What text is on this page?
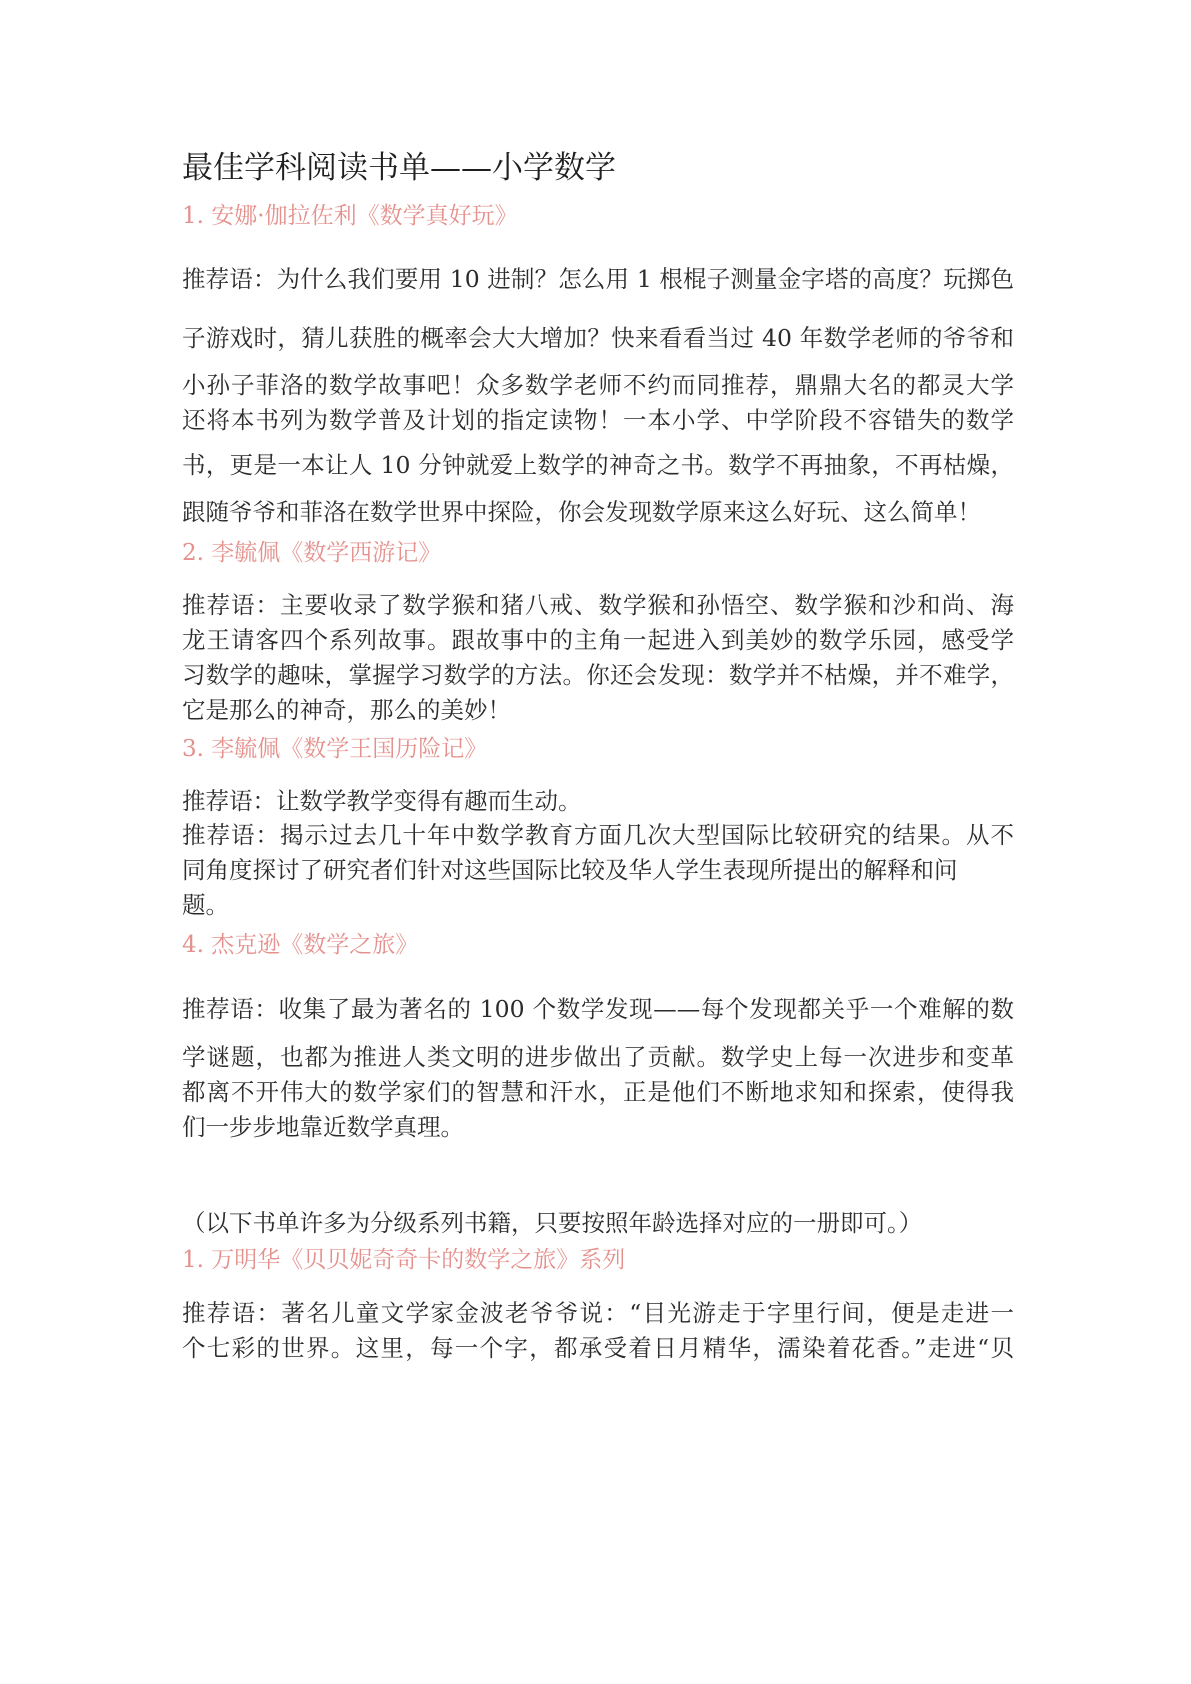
最佳学科阅读书单——小学数学
1. 安娜·伽拉佐利《数学真好玩》
推荐语：为什么我们要用 10 进制？怎么用 1 根棍子测量金字塔的高度？玩掷色
子游戏时，猜儿获胜的概率会大大增加？快来看看当过 40 年数学老师的爷爷和
小孙子菲洛的数学故事吧！众多数学老师不约而同推荐，鼎鼎大名的都灵大学
还将本书列为数学普及计划的指定读物！一本小学、中学阶段不容错失的数学
书，更是一本让人 10 分钟就爱上数学的神奇之书。数学不再抽象，不再枯燥，
跟随爷爷和菲洛在数学世界中探险，你会发现数学原来这么好玩、这么简单！
2. 李毓佩《数学西游记》
推荐语：主要收录了数学猴和猪八戒、数学猴和孙悟空、数学猴和沙和尚、海
龙王请客四个系列故事。跟故事中的主角一起进入到美妙的数学乐园，感受学
习数学的趣味，掌握学习数学的方法。你还会发现：数学并不枯燥，并不难学，
它是那么的神奇，那么的美妙！
3. 李毓佩《数学王国历险记》
推荐语：让数学教学变得有趣而生动。
推荐语：揭示过去几十年中数学教育方面几次大型国际比较研究的结果。从不
同角度探讨了研究者们针对这些国际比较及华人学生表现所提出的解释和问
题。
4. 杰克逊《数学之旅》
推荐语：收集了最为著名的 100 个数学发现——每个发现都关乎一个难解的数
学谜题，也都为推进人类文明的进步做出了贡献。数学史上每一次进步和变革
都离不开伟大的数学家们的智慧和汗水，正是他们不断地求知和探索，使得我
们一步步地靠近数学真理。
（以下书单许多为分级系列书籍，只要按照年龄选择对应的一册即可。）
1. 万明华《贝贝妮奇奇卡的数学之旅》系列
推荐语：著名儿童文学家金波老爷爷说：“目光游走于字里行间，便是走进一
个七彩的世界。这里，每一个字，都承受着日月精华，濡染着花香。”走进“贝
